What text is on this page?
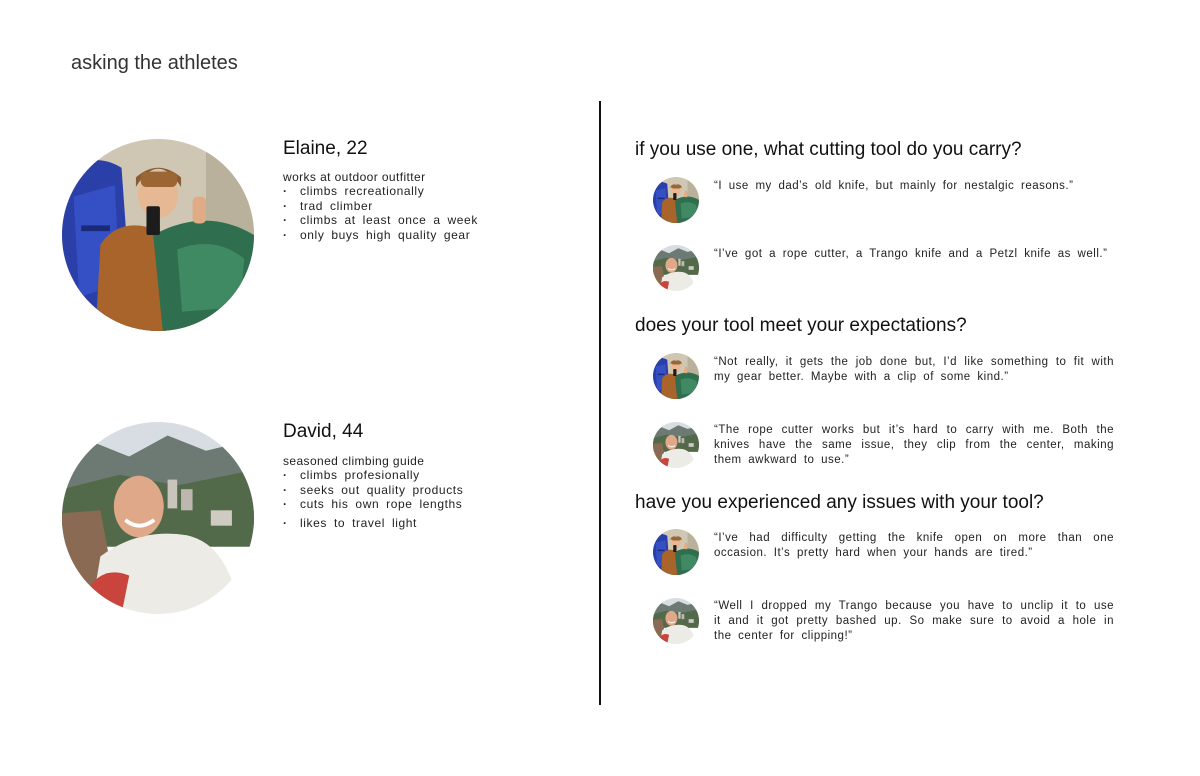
asking the athletes
Elaine, 22
works at outdoor outfitter
· climbs recreationally
· trad climber
· climbs at least once a week
· only buys high quality gear
David, 44
seasoned climbing guide
· climbs profesionally
· seeks out quality products
· cuts his own rope lengths
· likes to travel light
if you use one, what cutting tool do you carry?
“I use my dad’s old knife, but mainly for nestalgic reasons.”
“I’ve got a rope cutter, a Trango knife and a Petzl knife as well.”
does your tool meet your expectations?
“Not really, it gets the job done but, I’d like something to fit with my gear better. Maybe with a clip of some kind.”
“The rope cutter works but it’s hard to carry with me. Both the knives have the same issue, they clip from the center, making them awkward to use.”
have you experienced any issues with your tool?
“I’ve had difficulty getting the knife open on more than one occasion. It’s pretty hard when your hands are tired.”
“Well I dropped my Trango because you have to unclip it to use it and it got pretty bashed up. So make sure to avoid a hole in the center for clipping!”
